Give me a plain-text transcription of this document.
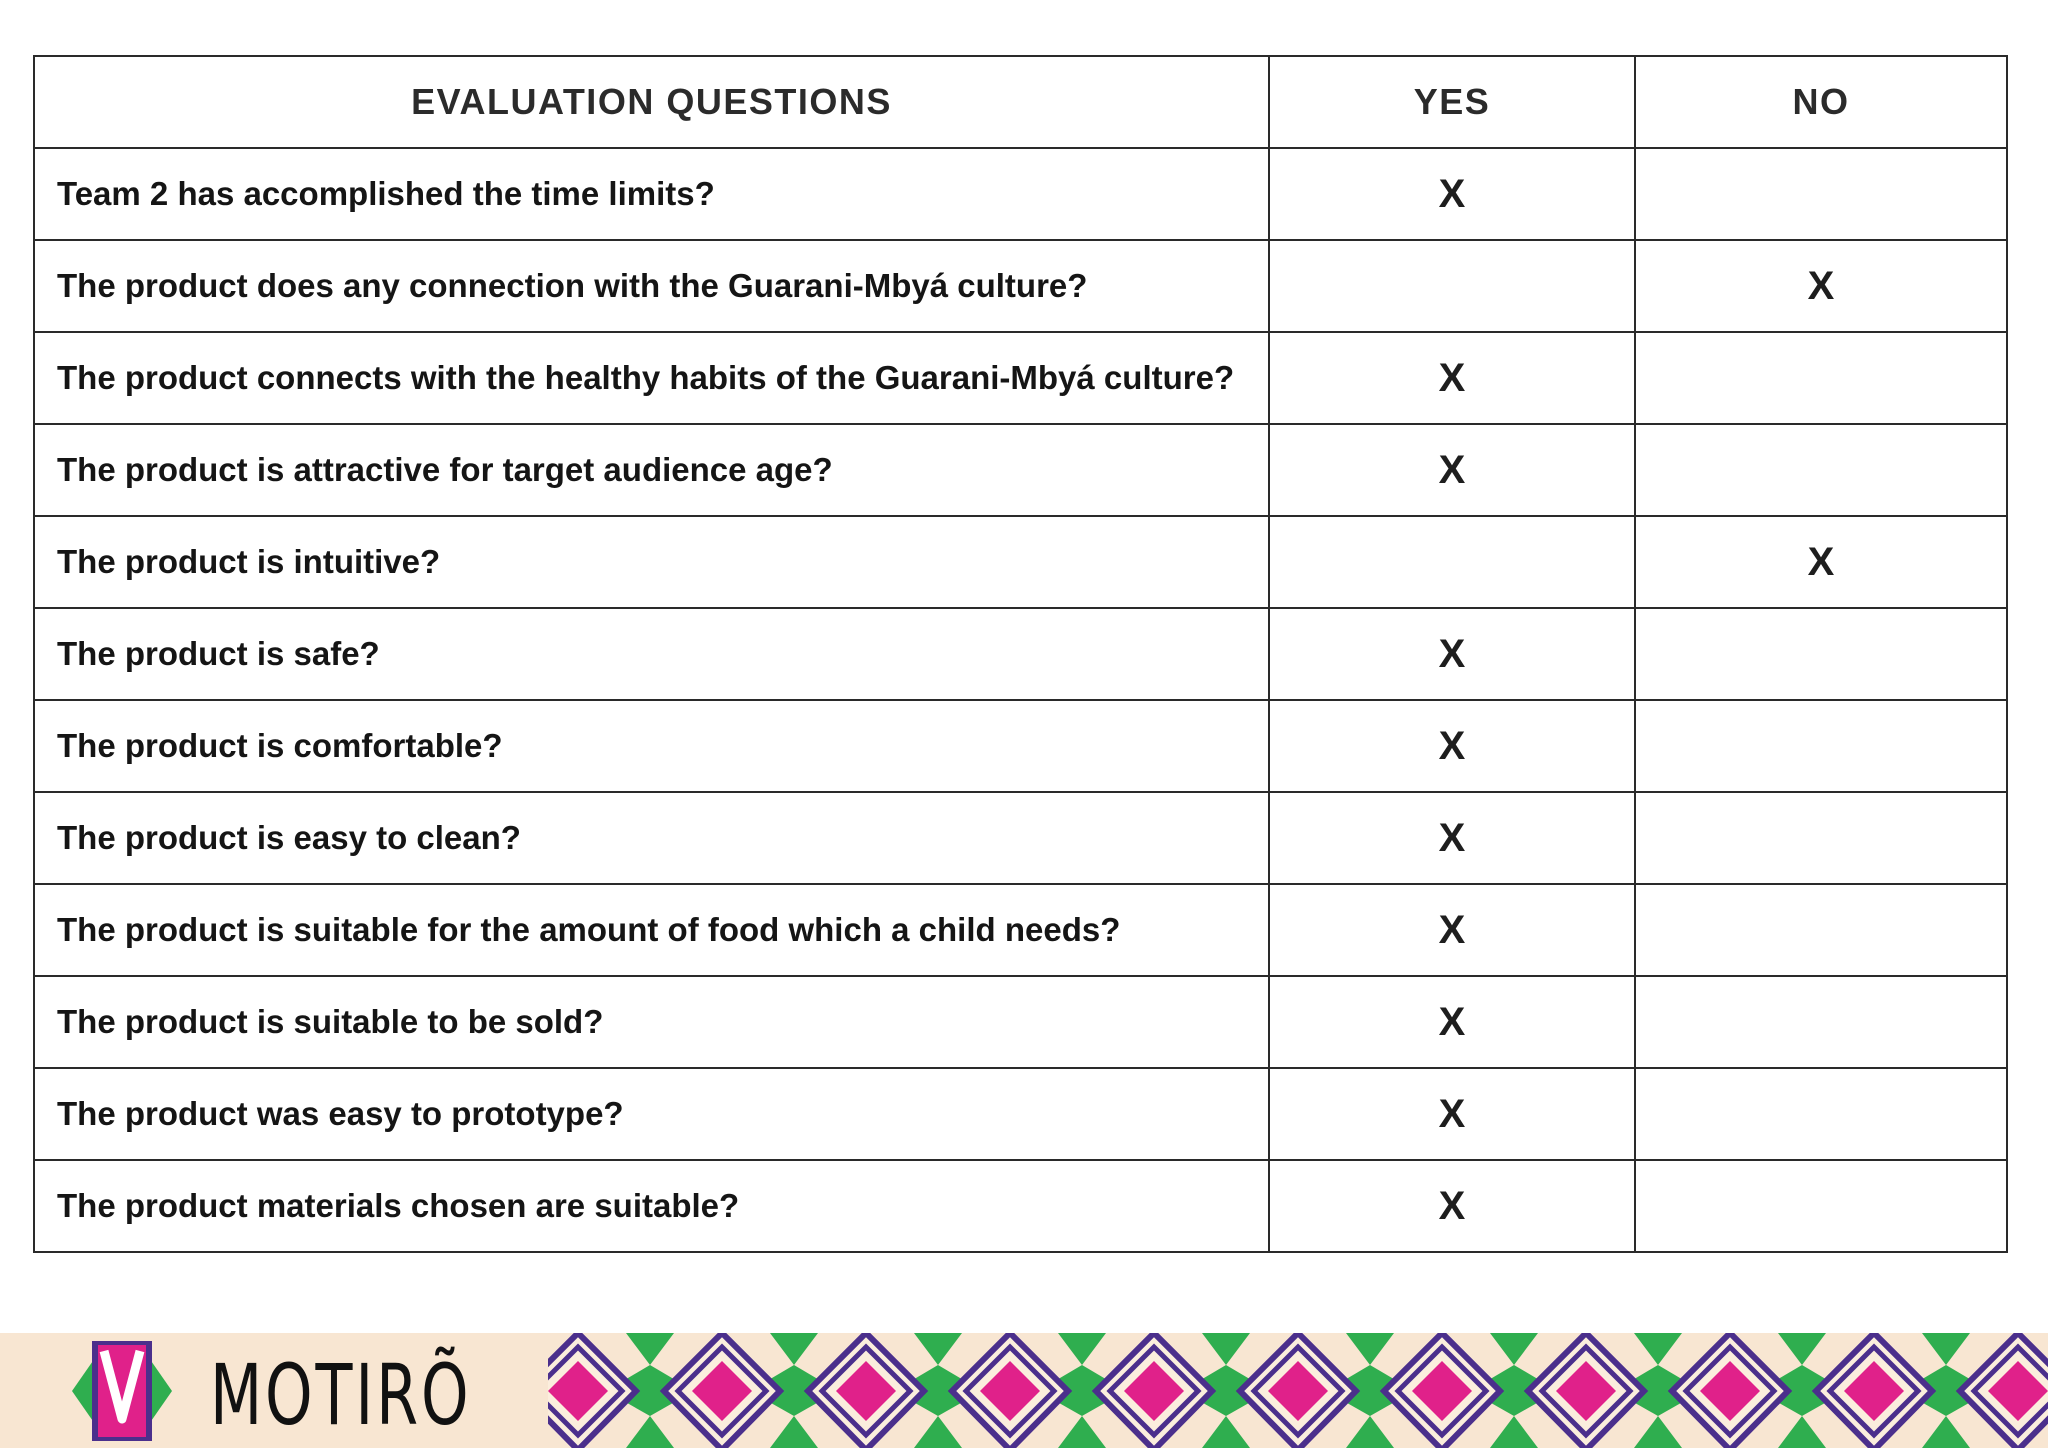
EVALUATION QUESTIONS	YES	NO
Team 2 has accomplished the time limits?	X	
The product does any connection with the Guarani-Mbyá culture?		X
The product connects with the healthy habits of the Guarani-Mbyá culture?	X	
The product is attractive for target audience age?	X	
The product is intuitive?		X
The product is safe?	X	
The product is comfortable?	X	
The product is easy to clean?	X	
The product is suitable for the amount of food which a child needs?	X	
The product is suitable to be sold?	X	
The product was easy to prototype?	X	
The product materials chosen are suitable?	X	
MOTIRÕ
